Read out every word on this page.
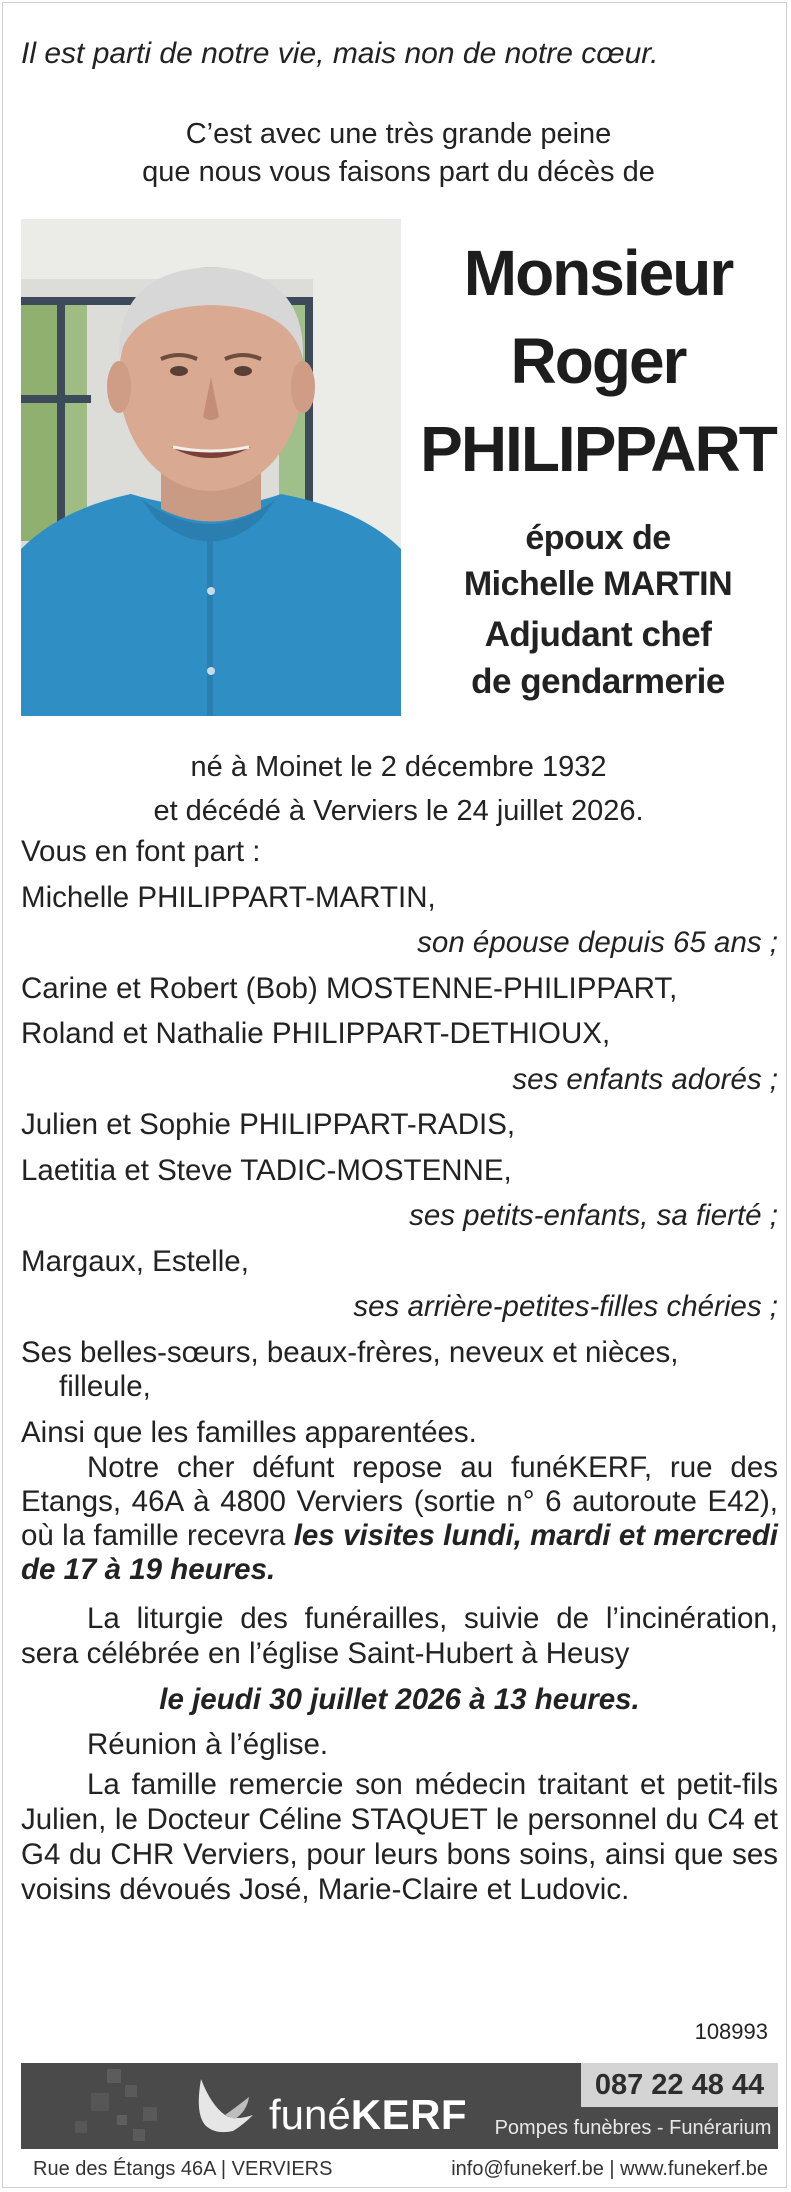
Il est parti de notre vie, mais non de notre cœur.
C’est avec une très grande peine
que nous vous faisons part du décès de
Monsieur
Roger
PHILIPPART
époux de
Michelle MARTIN
Adjudant chef
de gendarmerie
né à Moinet le 2 décembre 1932
et décédé à Verviers le 24 juillet 2026.

Vous en font part :

Michelle PHILIPPART-MARTIN,

son épouse depuis 65 ans ;

Carine et Robert (Bob) MOSTENNE-PHILIPPART,

Roland et Nathalie PHILIPPART-DETHIOUX,

ses enfants adorés ;

Julien et Sophie PHILIPPART-RADIS,

Laetitia et Steve TADIC-MOSTENNE,

ses petits-enfants, sa fierté ;

Margaux, Estelle,

ses arrière-petites-filles chéries ;

Ses belles-sœurs, beaux-frères, neveux et nièces,

filleule,

Ainsi que les familles apparentées.

Notre cher défunt repose au funéKERF, rue des Etangs, 46A à 4800 Verviers (sortie n° 6 autoroute E42), où la famille recevra les visites lundi, mardi et mercredi de 17 à 19 heures.

La liturgie des funérailles, suivie de l’incinération, sera célébrée en l’église Saint-Hubert à Heusy

le jeudi 30 juillet 2026 à 13 heures.

Réunion à l’église.

La famille remercie son médecin traitant et petit-fils Julien, le Docteur Céline STAQUET le personnel du C4 et G4 du CHR Verviers, pour leurs bons soins, ainsi que ses voisins dévoués José, Marie-Claire et Ludovic.

108993
funéKERF
087 22 48 44
Pompes funèbres - Funérarium
Rue des Étangs 46A | VERVIERS	info@funekerf.be | www.funekerf.be
